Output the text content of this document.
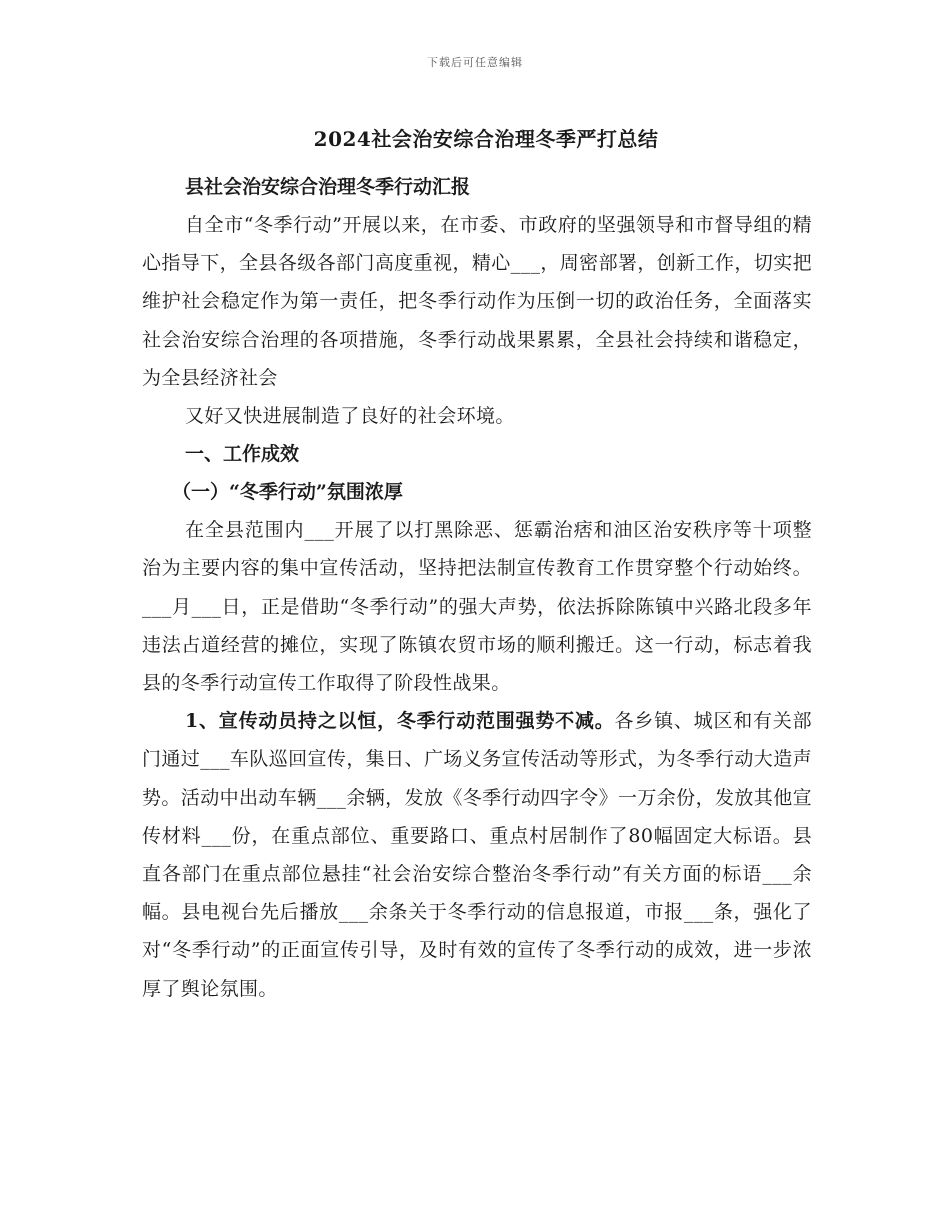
下载后可任意编辑
2024社会治安综合治理冬季严打总结

县社会治安综合治理冬季行动汇报

自全市“冬季行动”开展以来，在市委、市政府的坚强领导和市督导组的精心指导下，全县各级各部门高度重视，精心___，周密部署，创新工作，切实把维护社会稳定作为第一责任，把冬季行动作为压倒一切的政治任务，全面落实社会治安综合治理的各项措施，冬季行动战果累累，全县社会持续和谐稳定，为全县经济社会

又好又快进展制造了良好的社会环境。

一、工作成效

（一）“冬季行动”氛围浓厚

在全县范围内___开展了以打黑除恶、惩霸治痞和油区治安秩序等十项整治为主要内容的集中宣传活动，坚持把法制宣传教育工作贯穿整个行动始终。___月___日，正是借助“冬季行动”的强大声势，依法拆除陈镇中兴路北段多年违法占道经营的摊位，实现了陈镇农贸市场的顺利搬迁。这一行动，标志着我县的冬季行动宣传工作取得了阶段性战果。

1、宣传动员持之以恒，冬季行动范围强势不减。各乡镇、城区和有关部门通过___车队巡回宣传，集日、广场义务宣传活动等形式，为冬季行动大造声势。活动中出动车辆___余辆，发放《冬季行动四字令》一万余份，发放其他宣传材料___份，在重点部位、重要路口、重点村居制作了80幅固定大标语。县直各部门在重点部位悬挂“社会治安综合整治冬季行动”有关方面的标语___余幅。县电视台先后播放___余条关于冬季行动的信息报道，市报___条，强化了对“冬季行动”的正面宣传引导，及时有效的宣传了冬季行动的成效，进一步浓厚了舆论氛围。
